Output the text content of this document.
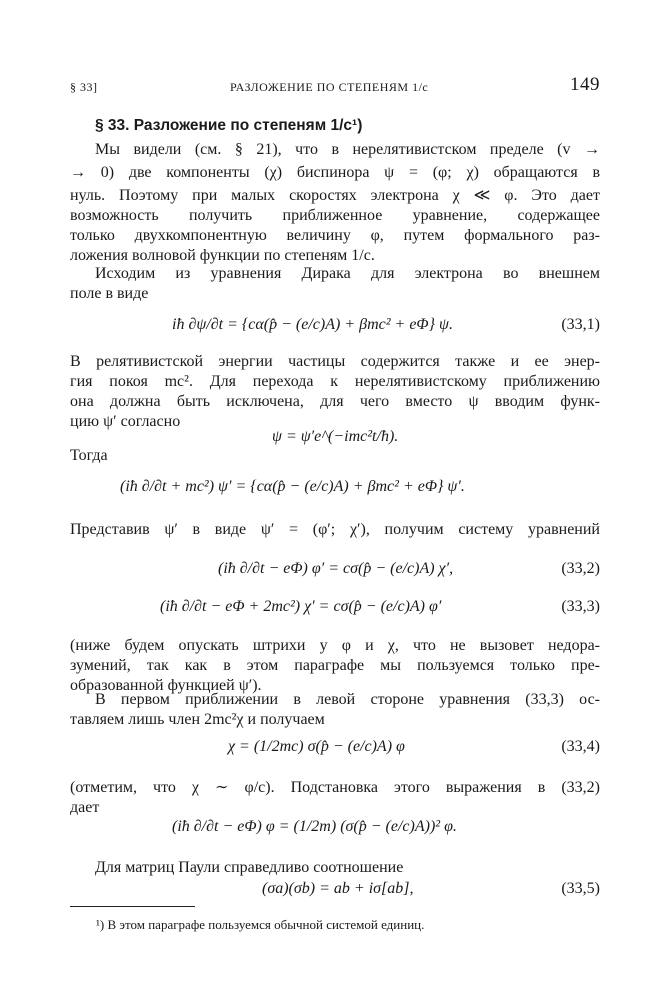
§ 33]	РАЗЛОЖЕНИЕ ПО СТЕПЕНЯМ 1/c	149
§ 33. Разложение по степеням 1/c¹)
Мы видели (см. § 21), что в нерелятивистском пределе (v →
→ 0) две компоненты (χ) биспинора ψ = (φ; χ) обращаются в
нуль. Поэтому при малых скоростях электрона χ ≪ φ. Это дает
возможность получить приближенное уравнение, содержащее
только двухкомпонентную величину φ, путем формального раз-
ложения волновой функции по степеням 1/c.
Исходим из уравнения Дирака для электрона во внешнем
поле в виде
iħ ∂ψ/∂t = {cα(p̂ − (e/c)A) + βmc² + eΦ} ψ.	(33,1)
В релятивистской энергии частицы содержится также и ее энер-
гия покоя mc². Для перехода к нерелятивистскому приближению
она должна быть исключена, для чего вместо ψ вводим функ-
цию ψ′ согласно
ψ = ψ′e^(−imc²t/ħ).
Тогда
(iħ ∂/∂t + mc²) ψ′ = {cα(p̂ − (e/c)A) + βmc² + eΦ} ψ′.
Представив ψ′ в виде ψ′ = (φ′; χ′), получим систему уравнений
(iħ ∂/∂t − eΦ) φ′ = cσ(p̂ − (e/c)A) χ′,	(33,2)
(iħ ∂/∂t − eΦ + 2mc²) χ′ = cσ(p̂ − (e/c)A) φ′	(33,3)
(ниже будем опускать штрихи у φ и χ, что не вызовет недора-
зумений, так как в этом параграфе мы пользуемся только пре-
образованной функцией ψ′).
В первом приближении в левой стороне уравнения (33,3) ос-
тавляем лишь член 2mc²χ и получаем
χ = (1/2mc) σ(p̂ − (e/c)A) φ	(33,4)
(отметим, что χ ∼ φ/c). Подстановка этого выражения в (33,2)
дает
(iħ ∂/∂t − eΦ) φ = (1/2m) (σ(p̂ − (e/c)A))² φ.
Для матриц Паули справедливо соотношение
(σa)(σb) = ab + iσ[ab],	(33,5)
¹) В этом параграфе пользуемся обычной системой единиц.
